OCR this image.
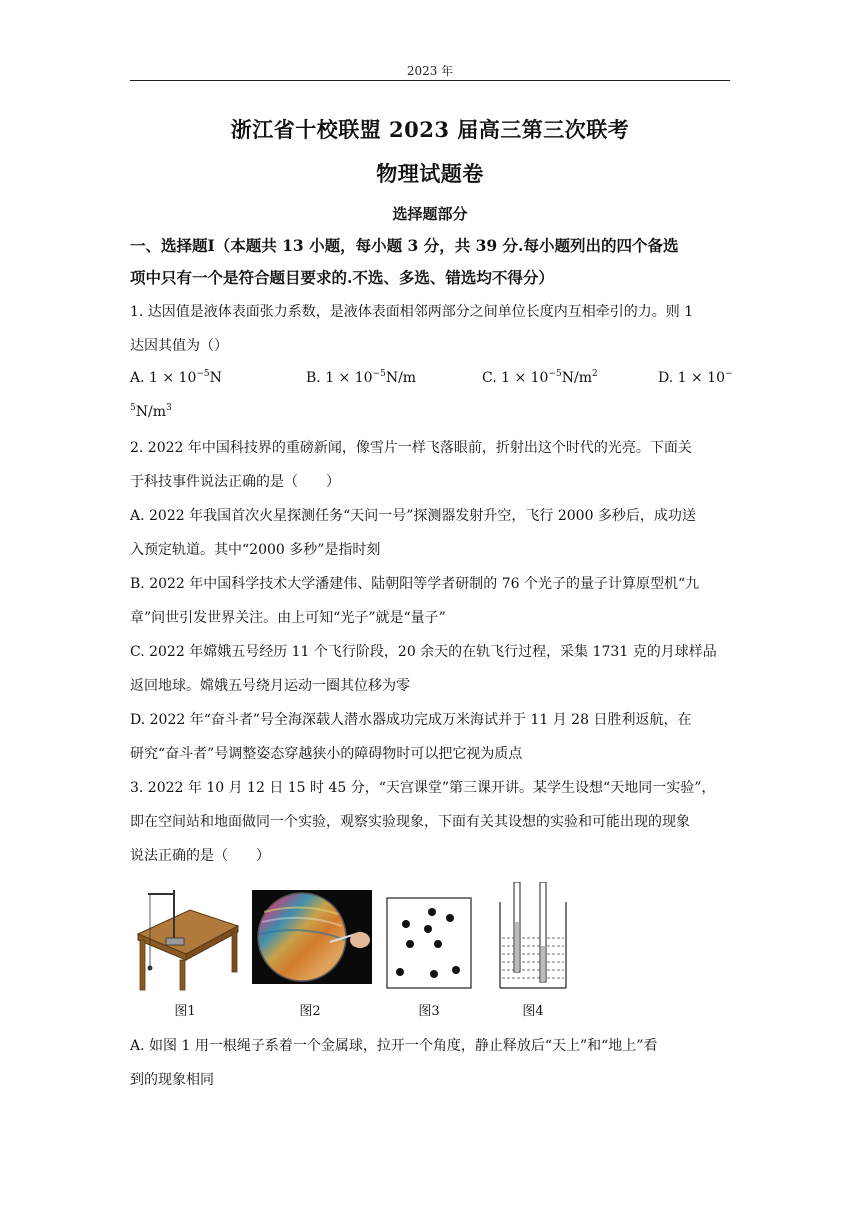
2023 年
浙江省十校联盟 2023 届高三第三次联考
物理试题卷
选择题部分
一、选择题Ⅰ（本题共 13 小题，每小题 3 分，共 39 分.每小题列出的四个备选
项中只有一个是符合题目要求的.不选、多选、错选均不得分）
1. 达因值是液体表面张力系数，是液体表面相邻两部分之间单位长度内互相牵引的力。则 1
达因其值为（）
A. $1 \times 10^{-5}N$	B. $1 \times 10^{-5}N/m$	C. $1 \times 10^{-5}N/m^2$	D. 1 × 10−
$^5N/m^3$
2. 2022 年中国科技界的重磅新闻，像雪片一样飞落眼前，折射出这个时代的光亮。下面关
于科技事件说法正确的是（　　）
A. 2022 年我国首次火星探测任务“天问一号”探测器发射升空，飞行 2000 多秒后，成功送
入预定轨道。其中“2000 多秒”是指时刻
B. 2022 年中国科学技术大学潘建伟、陆朝阳等学者研制的 76 个光子的量子计算原型机“九
章”问世引发世界关注。由上可知“光子”就是“量子”
C. 2022 年嫦娥五号经历 11 个飞行阶段，20 余天的在轨飞行过程，采集 1731 克的月球样品
返回地球。嫦娥五号绕月运动一圈其位移为零
D. 2022 年“奋斗者”号全海深载人潜水器成功完成万米海试并于 11 月 28 日胜利返航，在
研究“奋斗者”号调整姿态穿越狭小的障碍物时可以把它视为质点
3. 2022 年 10 月 12 日 15 时 45 分，“天宫课堂”第三课开讲。某学生设想“天地同一实验”，
即在空间站和地面做同一个实验，观察实验现象，下面有关其设想的实验和可能出现的现象
说法正确的是（　　）
图1	图2	图3	图4
A. 如图 1 用一根绳子系着一个金属球，拉开一个角度，静止释放后“天上”和“地上”看
到的现象相同
